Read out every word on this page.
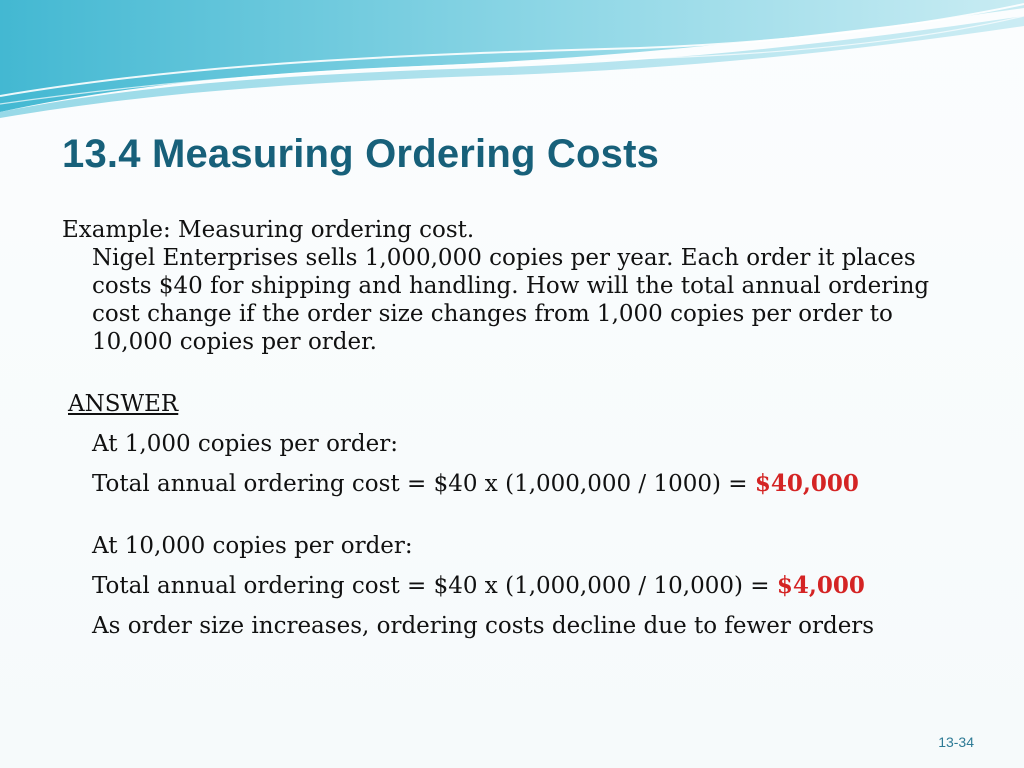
13.4 Measuring Ordering Costs
Example: Measuring ordering cost.
Nigel Enterprises sells 1,000,000 copies per year. Each order it places costs $40 for shipping and handling. How will the total annual ordering cost change if the order size changes from 1,000 copies per order to 10,000 copies per order.
ANSWER
At 1,000 copies per order:
Total annual ordering cost = $40 x (1,000,000 / 1000) = $40,000
At 10,000 copies per order:
Total annual ordering cost = $40 x (1,000,000 / 10,000) = $4,000
As order size increases, ordering costs decline due to fewer orders
13-34
